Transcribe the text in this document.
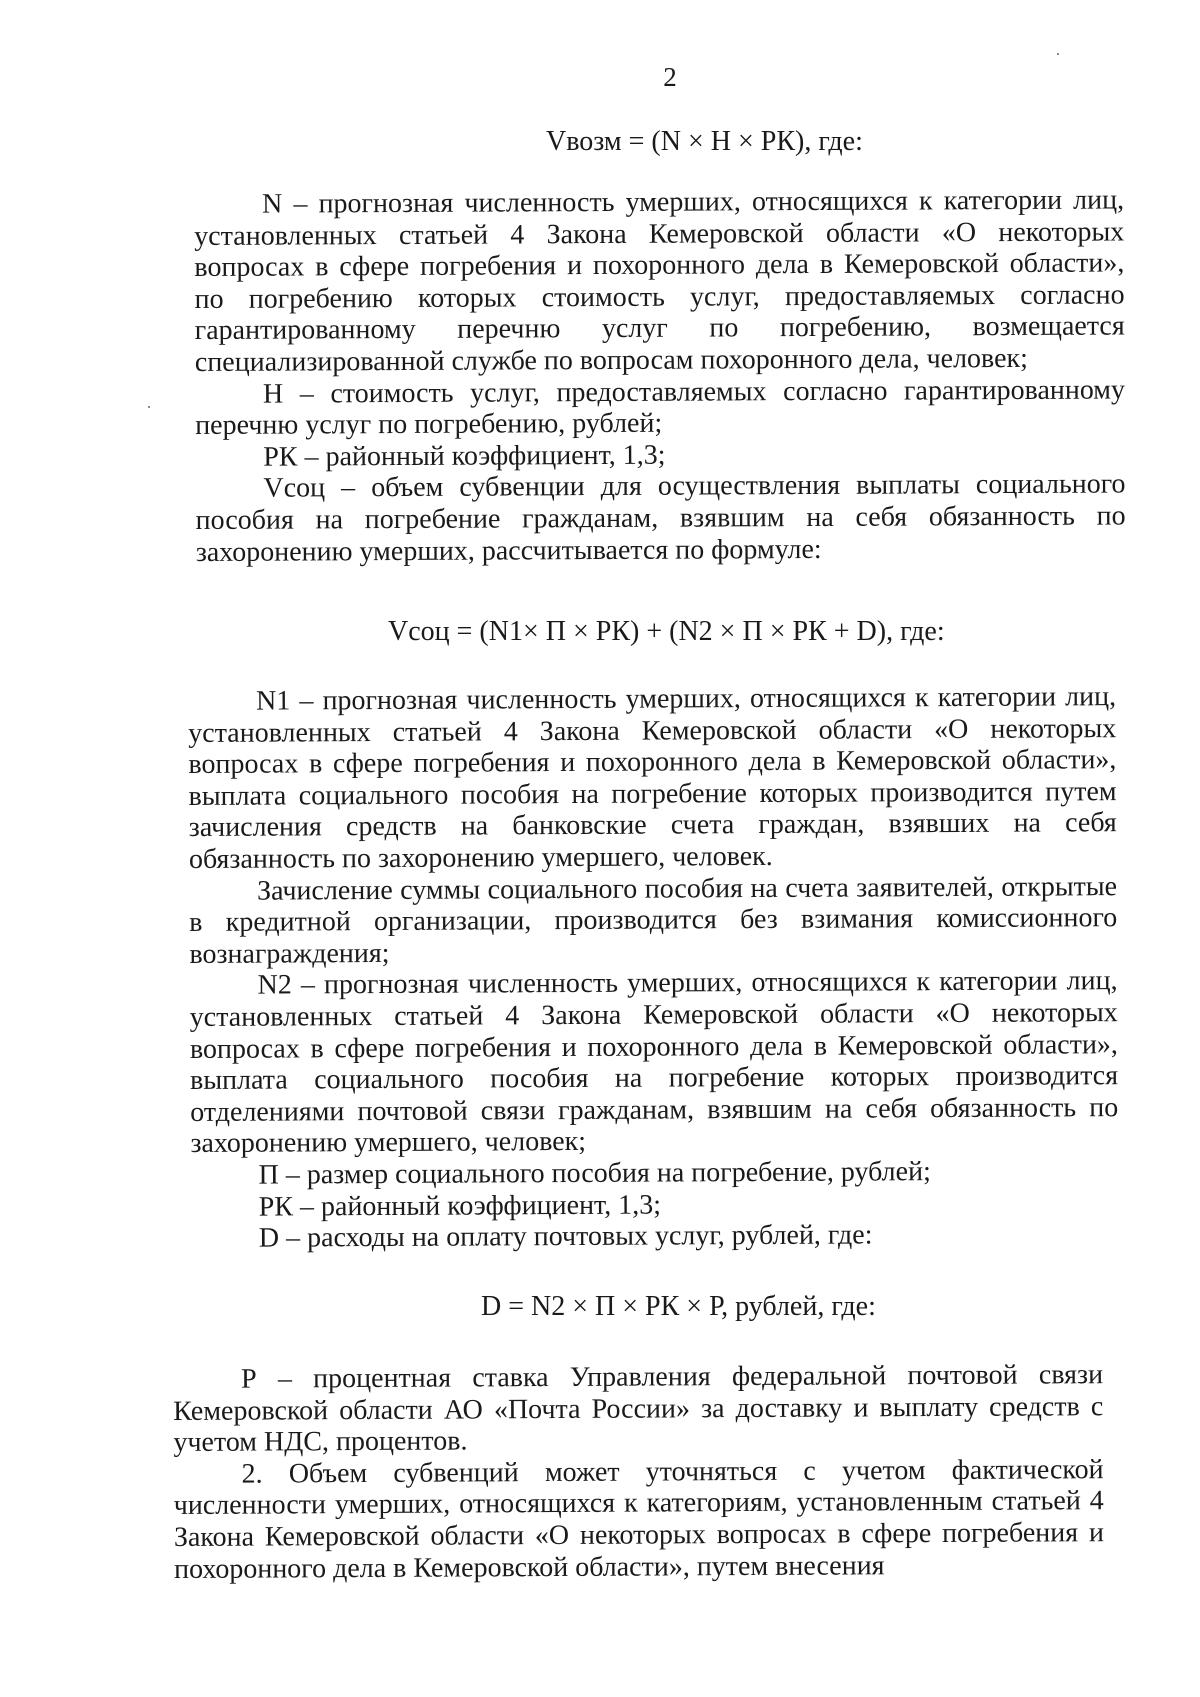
2
Vвозм = (N × H × РК), где:

N – прогнозная численность умерших, относящихся к категории лиц, установленных статьей 4 Закона Кемеровской области «О некоторых вопросах в сфере погребения и похоронного дела в Кемеровской области», по погребению которых стоимость услуг, предоставляемых согласно гарантированному перечню услуг по погребению, возмещается специализированной службе по вопросам похоронного дела, человек;

H – стоимость услуг, предоставляемых согласно гарантированному перечню услуг по погребению, рублей;

РК – районный коэффициент, 1,3;

Vсоц – объем субвенции для осуществления выплаты социального пособия на погребение гражданам, взявшим на себя обязанность по захоронению умерших, рассчитывается по формуле:

Vсоц = (N1× П × РК) + (N2 × П × РК + D), где:

N1 – прогнозная численность умерших, относящихся к категории лиц, установленных статьей 4 Закона Кемеровской области «О некоторых вопросах в сфере погребения и похоронного дела в Кемеровской области», выплата социального пособия на погребение которых производится путем зачисления средств на банковские счета граждан, взявших на себя обязанность по захоронению умершего, человек.

Зачисление суммы социального пособия на счета заявителей, открытые в кредитной организации, производится без взимания комиссионного вознаграждения;

N2 – прогнозная численность умерших, относящихся к категории лиц, установленных статьей 4 Закона Кемеровской области «О некоторых вопросах в сфере погребения и похоронного дела в Кемеровской области», выплата социального пособия на погребение которых производится отделениями почтовой связи гражданам, взявшим на себя обязанность по захоронению умершего, человек;

П – размер социального пособия на погребение, рублей;

РК – районный коэффициент, 1,3;

D – расходы на оплату почтовых услуг, рублей, где:

D = N2 × П × РК × Р, рублей, где:

Р – процентная ставка Управления федеральной почтовой связи Кемеровской области АО «Почта России» за доставку и выплату средств с учетом НДС, процентов.

2. Объем субвенций может уточняться с учетом фактической численности умерших, относящихся к категориям, установленным статьей 4 Закона Кемеровской области «О некоторых вопросах в сфере погребения и похоронного дела в Кемеровской области», путем внесения
